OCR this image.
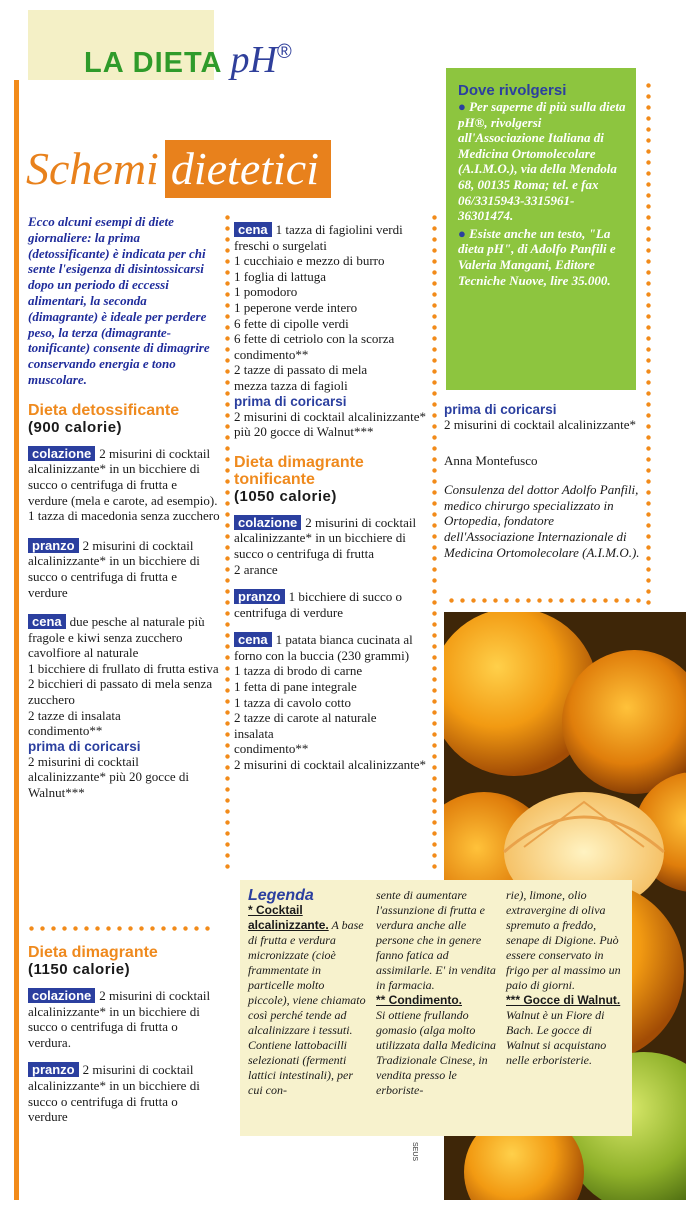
LA DIETA pH®
Schemi dietetici

Ecco alcuni esempi di diete giornaliere: la prima (detossificante) è indicata per chi sente l'esigenza di disintossicarsi dopo un periodo di eccessi alimentari, la seconda (dimagrante) è ideale per perdere peso, la terza (dimagrante-tonificante) consente di dimagrire conservando energia e tono muscolare.

Dieta detossificante
(900 calorie)
colazione 2 misurini di cocktail alcalinizzante* in un bicchiere di succo o centrifuga di frutta e verdure (mela e carote, ad esempio).
1 tazza di macedonia senza zucchero
pranzo 2 misurini di cocktail alcalinizzante* in un bicchiere di succo o centrifuga di frutta e verdure
cena due pesche al naturale più fragole e kiwi senza zucchero
cavolfiore al naturale
1 bicchiere di frullato di frutta estiva
2 bicchieri di passato di mela senza zucchero
2 tazze di insalata
condimento**
prima di coricarsi
2 misurini di cocktail alcalinizzante* più 20 gocce di Walnut***
Dieta dimagrante
(1150 calorie)
colazione 2 misurini di cocktail alcalinizzante* in un bicchiere di succo o centrifuga di frutta o verdura.
pranzo 2 misurini di cocktail alcalinizzante* in un bicchiere di succo o centrifuga di frutta o verdure
cena 1 tazza di fagiolini verdi freschi o surgelati
1 cucchiaio e mezzo di burro
1 foglia di lattuga
1 pomodoro
1 peperone verde intero
6 fette di cipolle verdi
6 fette di cetriolo con la scorza
condimento**
2 tazze di passato di mela
mezza tazza di fagioli
prima di coricarsi
2 misurini di cocktail alcalinizzante* più 20 gocce di Walnut***
Dieta dimagrante tonificante
(1050 calorie)
colazione 2 misurini di cocktail alcalinizzante* in un bicchiere di succo o centrifuga di frutta
2 arance
pranzo 1 bicchiere di succo o centrifuga di verdure
cena 1 patata bianca cucinata al forno con la buccia (230 grammi)
1 tazza di brodo di carne
1 fetta di pane integrale
1 tazza di cavolo cotto
2 tazze di carote al naturale
insalata
condimento**
2 misurini di cocktail alcalinizzante*
Dove rivolgersi

● Per saperne di più sulla dieta pH®, rivolgersi all'Associazione Italiana di Medicina Ortomolecolare (A.I.M.O.), via della Mendola 68, 00135 Roma; tel. e fax 06/3315943-3315961-36301474.

● Esiste anche un testo, "La dieta pH", di Adolfo Panfili e Valeria Mangani, Editore Tecniche Nuove, lire 35.000.

prima di coricarsi
2 misurini di cocktail alcalinizzante*
Anna Montefusco

Consulenza del dottor Adolfo Panfili, medico chirurgo specializzato in Ortopedia, fondatore dell'Associazione Internazionale di Medicina Ortomolecolare (A.I.M.O.).

Legenda
* Cocktail alcalinizzante. A base di frutta e verdura micronizzate (cioè frammentate in particelle molto piccole), viene chiamato così perché tende ad alcalinizzare i tessuti. Contiene lattobacilli selezionati (fermenti lattici intestinali), per cui con-
sente di aumentare l'assunzione di frutta e verdura anche alle persone che in genere fanno fatica ad assimilarle. E' in vendita in farmacia.
** Condimento.
Si ottiene frullando gomasio (alga molto utilizzata dalla Medicina Tradizionale Cinese, in vendita presso le erboriste-
rie), limone, olio extravergine di oliva spremuto a freddo, senape di Digione. Può essere conservato in frigo per al massimo un paio di giorni.
*** Gocce di Walnut.
Walnut è un Fiore di Bach. Le gocce di Walnut si acquistano nelle erboristerie.
SEUS
